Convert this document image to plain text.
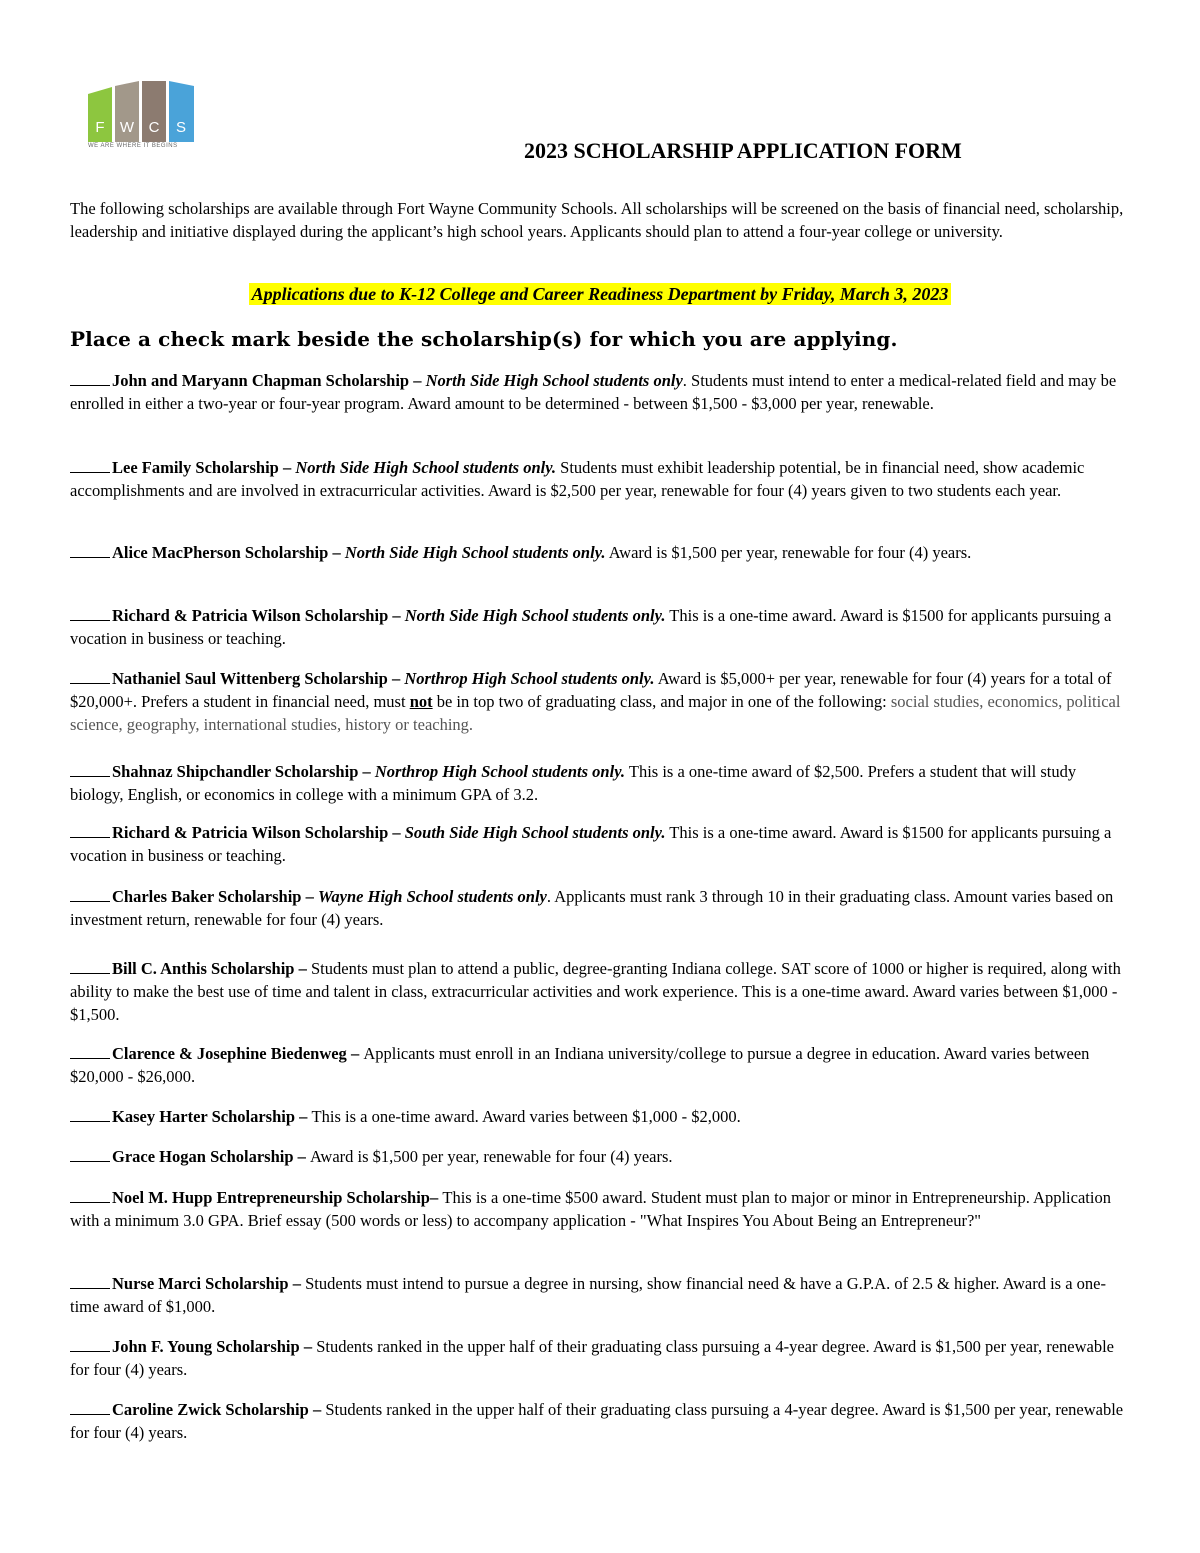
F W C S
WE ARE WHERE IT BEGINS	2023 SCHOLARSHIP APPLICATION FORM
The following scholarships are available through Fort Wayne Community Schools. All scholarships will be screened on the basis of financial need, scholarship, leadership and initiative displayed during the applicant’s high school years. Applicants should plan to attend a four-year college or university.
Applications due to K-12 College and Career Readiness Department by Friday, March 3, 2023
Place a check mark beside the scholarship(s) for which you are applying.
John and Maryann Chapman Scholarship – North Side High School students only. Students must intend to enter a medical-related field and may be enrolled in either a two-year or four-year program. Award amount to be determined - between $1,500 - $3,000 per year, renewable.
Lee Family Scholarship – North Side High School students only. Students must exhibit leadership potential, be in financial need, show academic accomplishments and are involved in extracurricular activities. Award is $2,500 per year, renewable for four (4) years given to two students each year.
Alice MacPherson Scholarship – North Side High School students only. Award is $1,500 per year, renewable for four (4) years.
Richard & Patricia Wilson Scholarship – North Side High School students only. This is a one-time award. Award is $1500 for applicants pursuing a vocation in business or teaching.
Nathaniel Saul Wittenberg Scholarship – Northrop High School students only. Award is $5,000+ per year, renewable for four (4) years for a total of $20,000+. Prefers a student in financial need, must not be in top two of graduating class, and major in one of the following: social studies, economics, political science, geography, international studies, history or teaching.
Shahnaz Shipchandler Scholarship – Northrop High School students only. This is a one-time award of $2,500. Prefers a student that will study biology, English, or economics in college with a minimum GPA of 3.2.
Richard & Patricia Wilson Scholarship – South Side High School students only. This is a one-time award. Award is $1500 for applicants pursuing a vocation in business or teaching.
Charles Baker Scholarship – Wayne High School students only. Applicants must rank 3 through 10 in their graduating class. Amount varies based on investment return, renewable for four (4) years.
Bill C. Anthis Scholarship – Students must plan to attend a public, degree-granting Indiana college. SAT score of 1000 or higher is required, along with ability to make the best use of time and talent in class, extracurricular activities and work experience. This is a one-time award. Award varies between $1,000 - $1,500.
Clarence & Josephine Biedenweg – Applicants must enroll in an Indiana university/college to pursue a degree in education. Award varies between $20,000 - $26,000.
Kasey Harter Scholarship – This is a one-time award. Award varies between $1,000 - $2,000.
Grace Hogan Scholarship – Award is $1,500 per year, renewable for four (4) years.
Noel M. Hupp Entrepreneurship Scholarship– This is a one-time $500 award. Student must plan to major or minor in Entrepreneurship. Application with a minimum 3.0 GPA. Brief essay (500 words or less) to accompany application - "What Inspires You About Being an Entrepreneur?"
Nurse Marci Scholarship – Students must intend to pursue a degree in nursing, show financial need & have a G.P.A. of 2.5 & higher. Award is a one-time award of $1,000.
John F. Young Scholarship – Students ranked in the upper half of their graduating class pursuing a 4-year degree. Award is $1,500 per year, renewable for four (4) years.
Caroline Zwick Scholarship – Students ranked in the upper half of their graduating class pursuing a 4-year degree. Award is $1,500 per year, renewable for four (4) years.
